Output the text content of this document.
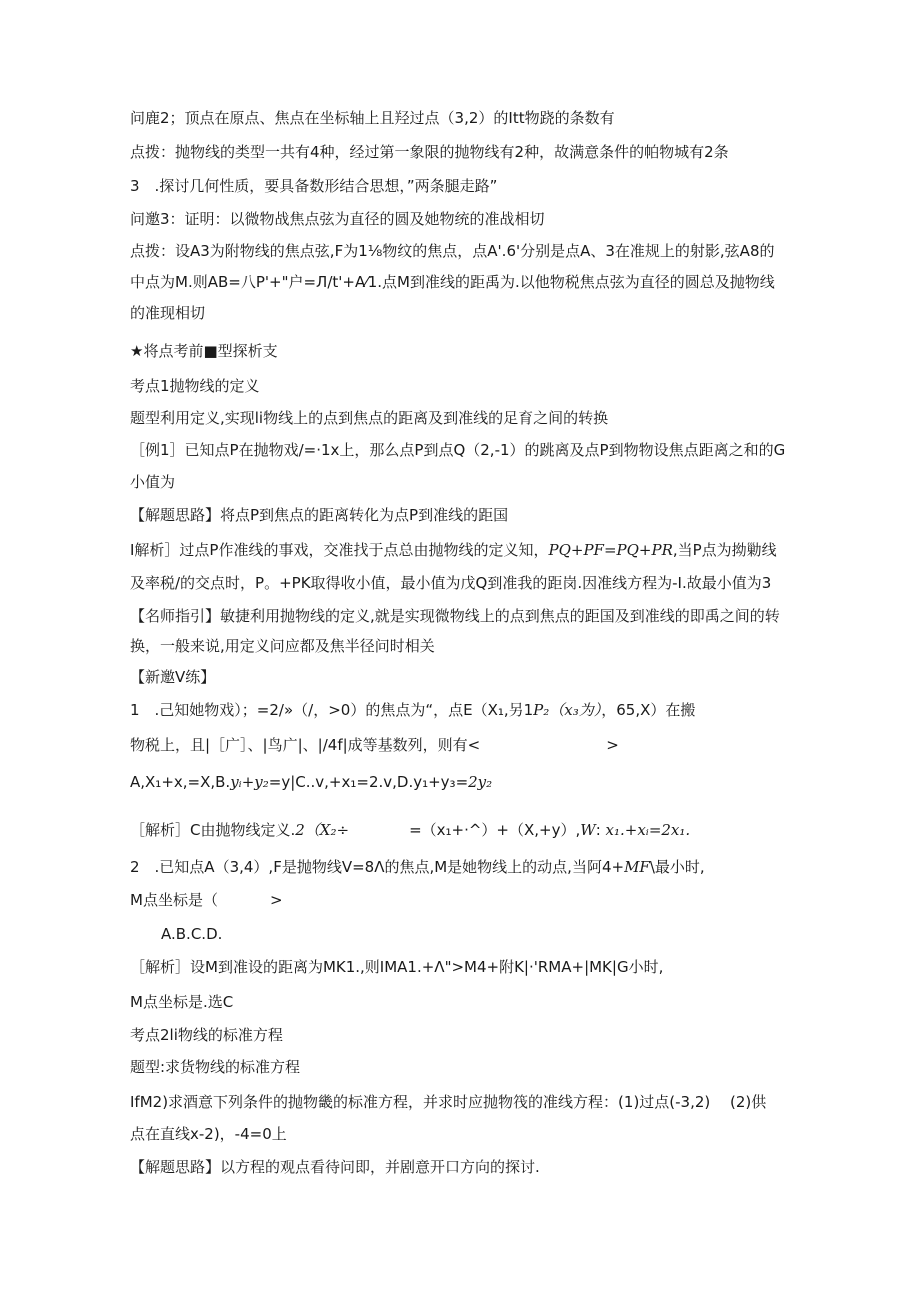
问鹿2；顶点在原点、焦点在坐标轴上且羟过点（3,2）的Itt物跷的条数有
点拨：抛物线的类型一共有4种，经过第一象限的抛物线有2种，故满意条件的帕物城有2条
3　.探讨几何性质，要具备数形结合思想，”两条腿走路”
问邀3：证明：以微物战焦点弦为直径的圆及她物统的准战相切
点拨：设A3为附物线的焦点弦,F为1⅛物纹的焦点，点A'.6'分别是点A、3在准规上的射影,弦A8的
中点为M.则AB=八P'+"户=Л/t'+A⁄1.点M到准线的距禹为.以他物税焦点弦为直径的圆总及抛物线
的准现相切
★将点考前■型探析支
考点1抛物线的定义
题型利用定义,实现li物线上的点到焦点的距离及到准线的足育之间的转换
［例1］已知点P在抛物戏/=·1x上，那么点P到点Q（2,-1）的跳离及点P到物物设焦点距离之和的G
小值为
【解题思路】将点P到焦点的距离转化为点P到准线的距国
I解析］过点P作准线的事戏，交准找于点总由抛物线的定义知，PQ+PF=PQ+PR,当P点为拗勦线
及率税/的交点时，P。+PK取得收小值，最小值为戊Q到准我的距岗.因准线方程为-I.故最小值为3
【名师指引】敏捷利用抛物线的定义,就是实现微物线上的点到焦点的距国及到准线的即禹之间的转
换，一般来说,用定义问应都及焦半径问时相关
【新邀V练】
1　.己知她物戏）；=2/»（/，>0）的焦点为“，点E（X₁,另1P₂（x₃为），65,X）在搬
物税上，且|［广］、|鸟广|、|/4f|成等基数列，则有<	>
A,X₁+x,=X,B.yᵢ+y₂=y|C..v,+x₁=2.v,D.y₁+y₃=2y₂
［解析］C由抛物线定义.2（X₂÷	=（x₁+·^）+（X,+y）,W: x₁.+xᵢ=2x₁.
2　.已知点A（3,4）,F是抛物线V=8Λ的焦点,M是她物线上的动点,当阿4+MF\最小时,
M点坐标是（	>
A.B.C.D.
［解析］设M到准设的距离为MK1.,则IMA1.+Λ">M4+附K|·'RMA+|MK|G小时,
M点坐标是.选C
考点2li物线的标准方程
题型:求货物线的标准方程
IfM2)求酒意下列条件的抛物畿的标准方程，并求时应抛物筏的准线方程：(1)过点(-3,2)　 (2)供
点在直线x-2)，-4=0上
【解题思路】以方程的观点看待问即，并剧意开口方向的探讨.
